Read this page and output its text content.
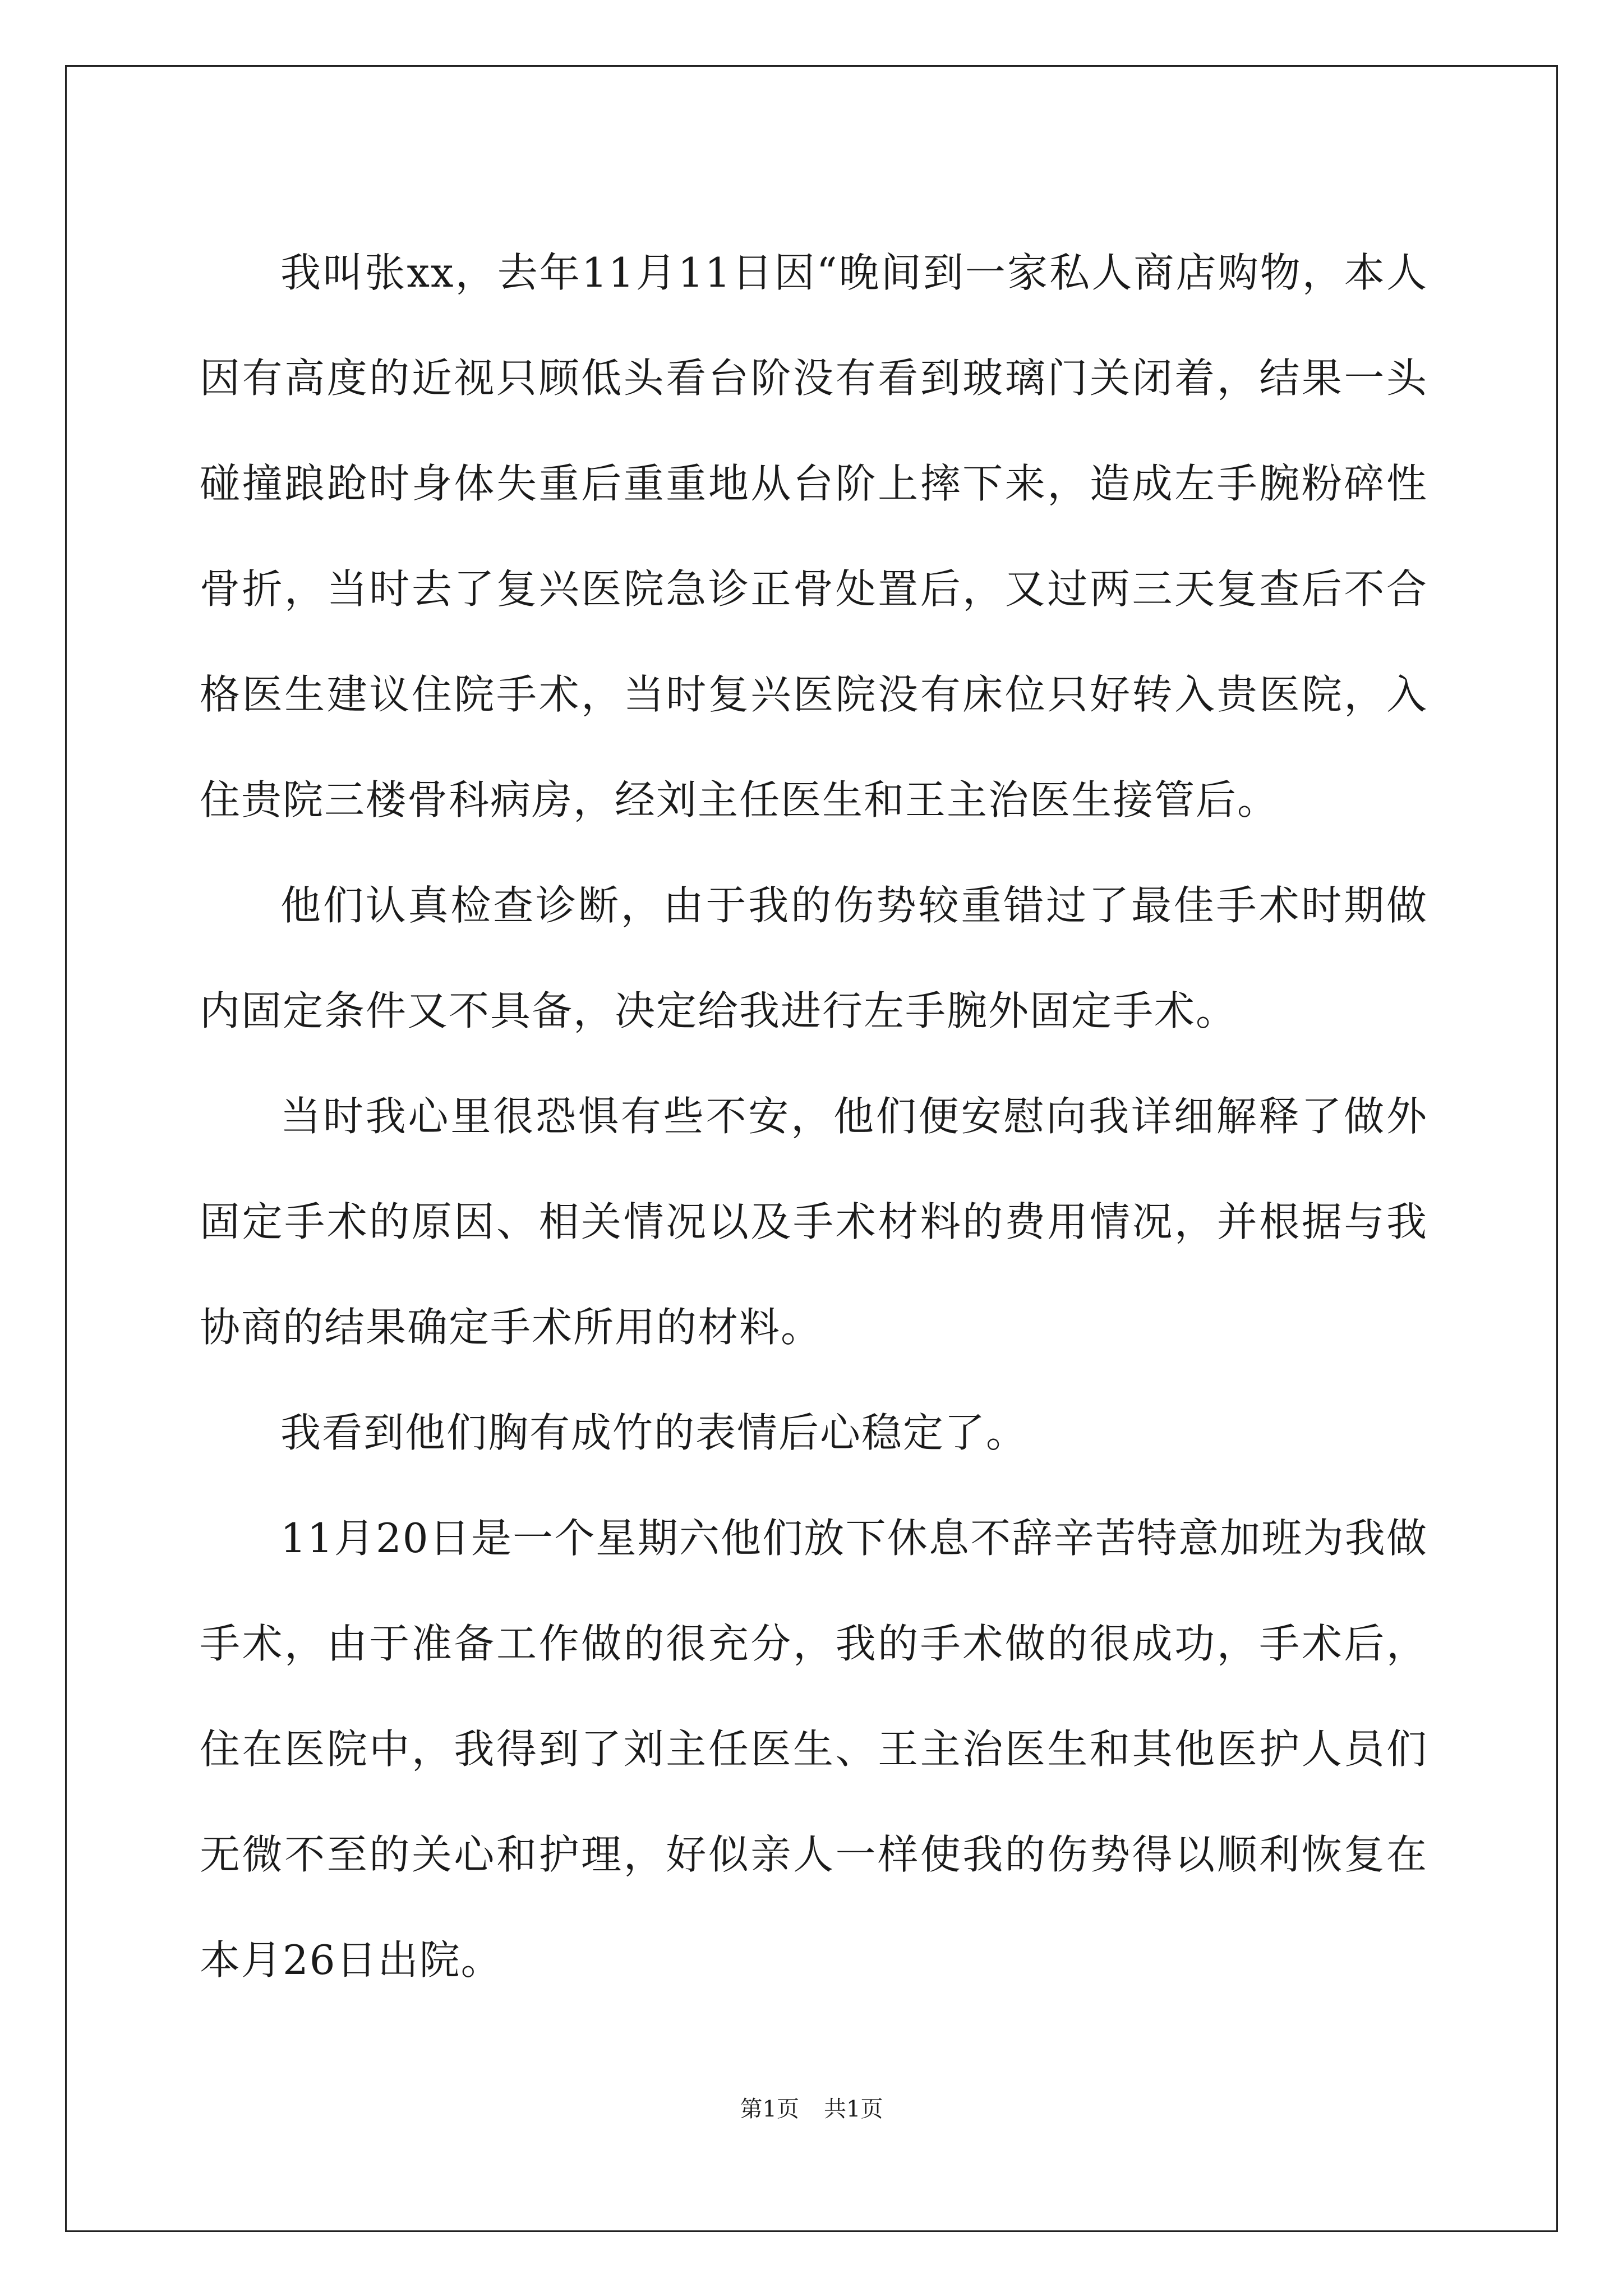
我叫张xx，去年11月11日因“晚间到一家私人商店购物，本人因有高度的近视只顾低头看台阶没有看到玻璃门关闭着，结果一头碰撞踉跄时身体失重后重重地从台阶上摔下来，造成左手腕粉碎性骨折，当时去了复兴医院急诊正骨处置后，又过两三天复查后不合格医生建议住院手术，当时复兴医院没有床位只好转入贵医院，入住贵院三楼骨科病房，经刘主任医生和王主治医生接管后。

他们认真检查诊断，由于我的伤势较重错过了最佳手术时期做内固定条件又不具备，决定给我进行左手腕外固定手术。

当时我心里很恐惧有些不安，他们便安慰向我详细解释了做外固定手术的原因、相关情况以及手术材料的费用情况，并根据与我协商的结果确定手术所用的材料。

我看到他们胸有成竹的表情后心稳定了。

11月20日是一个星期六他们放下休息不辞辛苦特意加班为我做手术，由于准备工作做的很充分，我的手术做的很成功，手术后，住在医院中，我得到了刘主任医生、王主治医生和其他医护人员们无微不至的关心和护理，好似亲人一样使我的伤势得以顺利恢复在本月26日出院。

第1页 共1页
